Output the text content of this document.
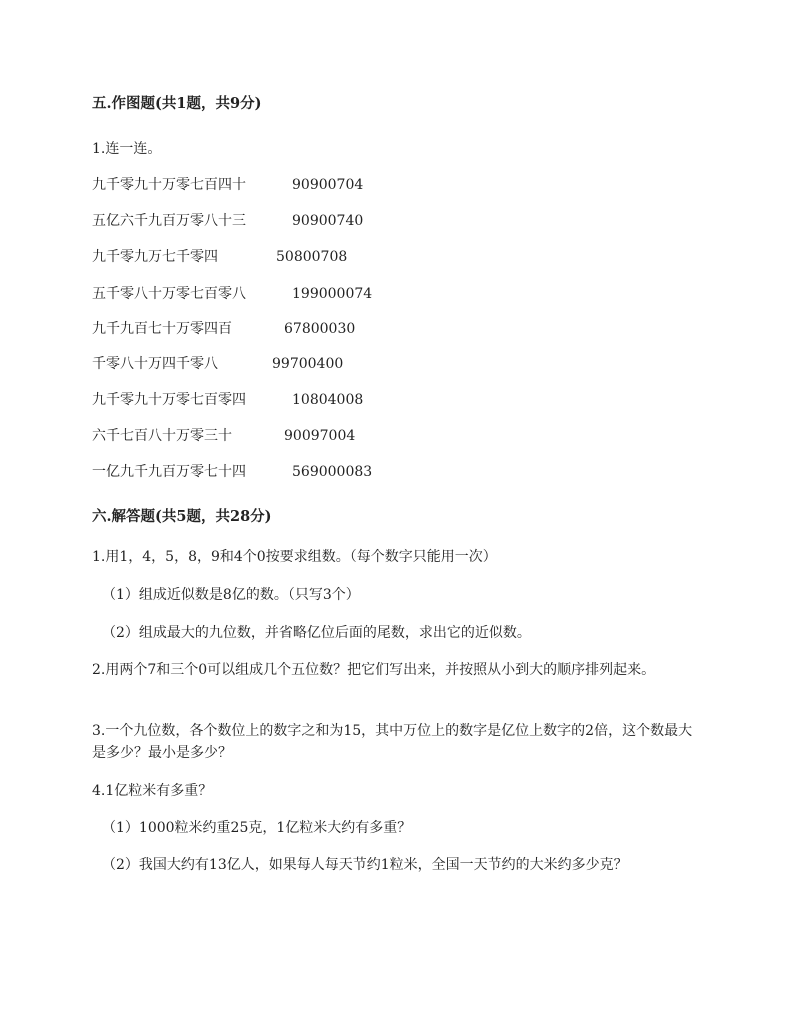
五.作图题(共1题，共9分)
1.连一连。
九千零九十万零七百四十	90900704
五亿六千九百万零八十三	90900740
九千零九万七千零四	50800708
五千零八十万零七百零八	199000074
九千九百七十万零四百	67800030
千零八十万四千零八	99700400
九千零九十万零七百零四	10804008
六千七百八十万零三十	90097004
一亿九千九百万零七十四	569000083
六.解答题(共5题，共28分)
1.用1，4，5，8，9和4个0按要求组数。（每个数字只能用一次）
（1）组成近似数是8亿的数。（只写3个）
（2）组成最大的九位数，并省略亿位后面的尾数，求出它的近似数。
2.用两个7和三个0可以组成几个五位数？把它们写出来，并按照从小到大的顺序排列起来。
3.一个九位数，各个数位上的数字之和为15，其中万位上的数字是亿位上数字的2倍，这个数最大是多少？最小是多少？
4.1亿粒米有多重？
（1）1000粒米约重25克，1亿粒米大约有多重？
（2）我国大约有13亿人，如果每人每天节约1粒米，全国一天节约的大米约多少克？
